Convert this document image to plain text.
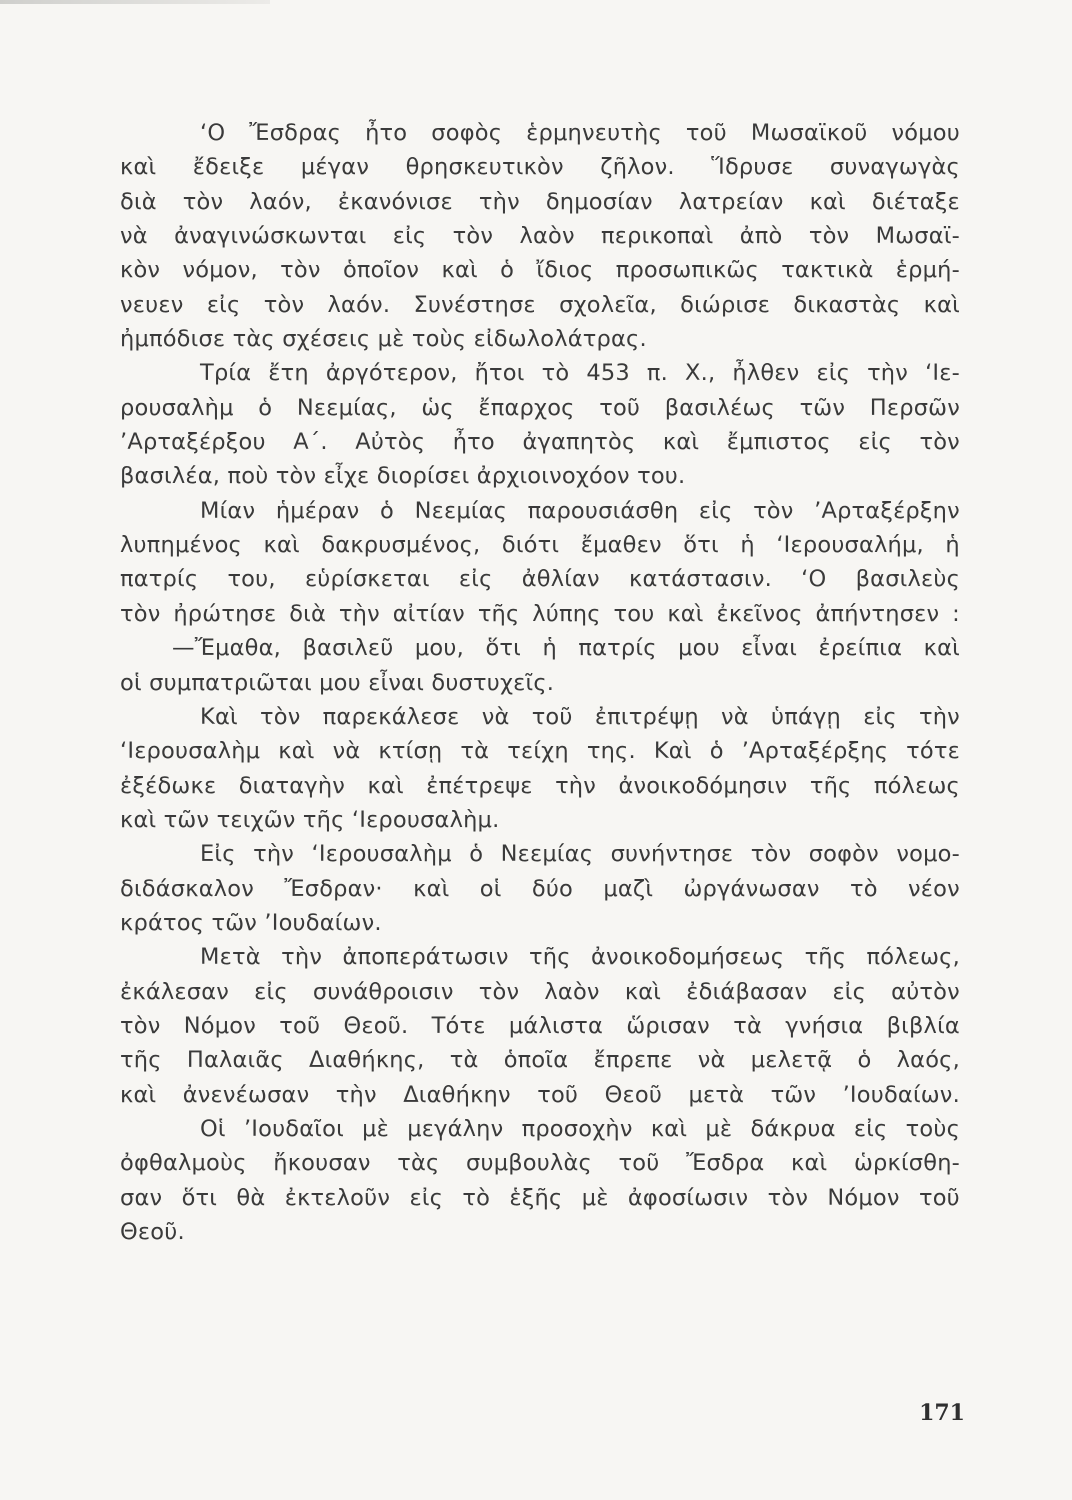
‘Ο Ἔσδρας ἦτο σοφὸς ἑρμηνευτὴς τοῦ Μωσαϊκοῦ νόμου
καὶ ἔδειξε μέγαν θρησκευτικὸν ζῆλον. Ἵδρυσε συναγωγὰς
διὰ τὸν λαόν, ἐκανόνισε τὴν δημοσίαν λατρείαν καὶ διέταξε
νὰ ἀναγινώσκωνται εἰς τὸν λαὸν περικοπαὶ ἀπὸ τὸν Μωσαϊ-
κὸν νόμον, τὸν ὁποῖον καὶ ὁ ἴδιος προσωπικῶς τακτικὰ ἑρμή-
νευεν εἰς τὸν λαόν. Συνέστησε σχολεῖα, διώρισε δικαστὰς καὶ
ἠμπόδισε
τὰς
σχέσεις
μὲ
τοὺς
εἰδωλολάτρας.
Τρία ἔτη ἀργότερον, ἤτοι τὸ 453 π. Χ., ἦλθεν εἰς τὴν ‘Ιε-
ρουσαλὴμ ὁ Νεεμίας, ὡς ἔπαρχος τοῦ βασιλέως τῶν Περσῶν
’Αρταξέρξου Α΄. Αὐτὸς ἦτο ἀγαπητὸς καὶ ἔμπιστος εἰς τὸν
βασιλέα,
ποὺ
τὸν
εἶχε
διορίσει
ἀρχιοινοχόον
του.
Μίαν ἡμέραν ὁ Νεεμίας παρουσιάσθη εἰς τὸν ’Αρταξέρξην
λυπημένος καὶ δακρυσμένος, διότι ἔμαθεν ὅτι ἡ ‘Ιερουσαλήμ, ἡ
πατρίς του, εὑρίσκεται εἰς ἀθλίαν κατάστασιν. ‘Ο βασιλεὺς
τὸν ἠρώτησε διὰ τὴν αἰτίαν τῆς λύπης του καὶ ἐκεῖνος ἀπήντησεν :
—Ἔμαθα, βασιλεῦ μου, ὅτι ἡ πατρίς μου εἶναι ἐρείπια καὶ
οἱ
συμπατριῶται
μου
εἶναι
δυστυχεῖς.
Καὶ τὸν παρεκάλεσε νὰ τοῦ ἐπιτρέψῃ νὰ ὑπάγῃ εἰς τὴν
‘Ιερουσαλὴμ καὶ νὰ κτίσῃ τὰ τείχη της. Καὶ ὁ ’Αρταξέρξης τότε
ἐξέδωκε διαταγὴν καὶ ἐπέτρεψε τὴν ἀνοικοδόμησιν τῆς πόλεως
καὶ
τῶν
τειχῶν
τῆς
‘Ιερουσαλὴμ.
Εἰς τὴν ‘Ιερουσαλὴμ ὁ Νεεμίας συνήντησε τὸν σοφὸν νομο-
διδάσκαλον Ἔσδραν· καὶ οἱ δύο μαζὶ ὠργάνωσαν τὸ νέον
κράτος
τῶν
’Ιουδαίων.
Μετὰ τὴν ἀποπεράτωσιν τῆς ἀνοικοδομήσεως τῆς πόλεως,
ἐκάλεσαν εἰς συνάθροισιν τὸν λαὸν καὶ ἐδιάβασαν εἰς αὐτὸν
τὸν Νόμον τοῦ Θεοῦ. Τότε μάλιστα ὥρισαν τὰ γνήσια βιβλία
τῆς Παλαιᾶς Διαθήκης, τὰ ὁποῖα ἔπρεπε νὰ μελετᾷ ὁ λαός,
καὶ ἀνενέωσαν τὴν Διαθήκην τοῦ Θεοῦ μετὰ τῶν ’Ιουδαίων.
Οἱ ’Ιουδαῖοι μὲ μεγάλην προσοχὴν καὶ μὲ δάκρυα εἰς τοὺς
ὀφθαλμοὺς ἤκουσαν τὰς συμβουλὰς τοῦ Ἔσδρα καὶ ὡρκίσθη-
σαν ὅτι θὰ ἐκτελοῦν εἰς τὸ ἑξῆς μὲ ἀφοσίωσιν τὸν Νόμον τοῦ
Θεοῦ.
171
